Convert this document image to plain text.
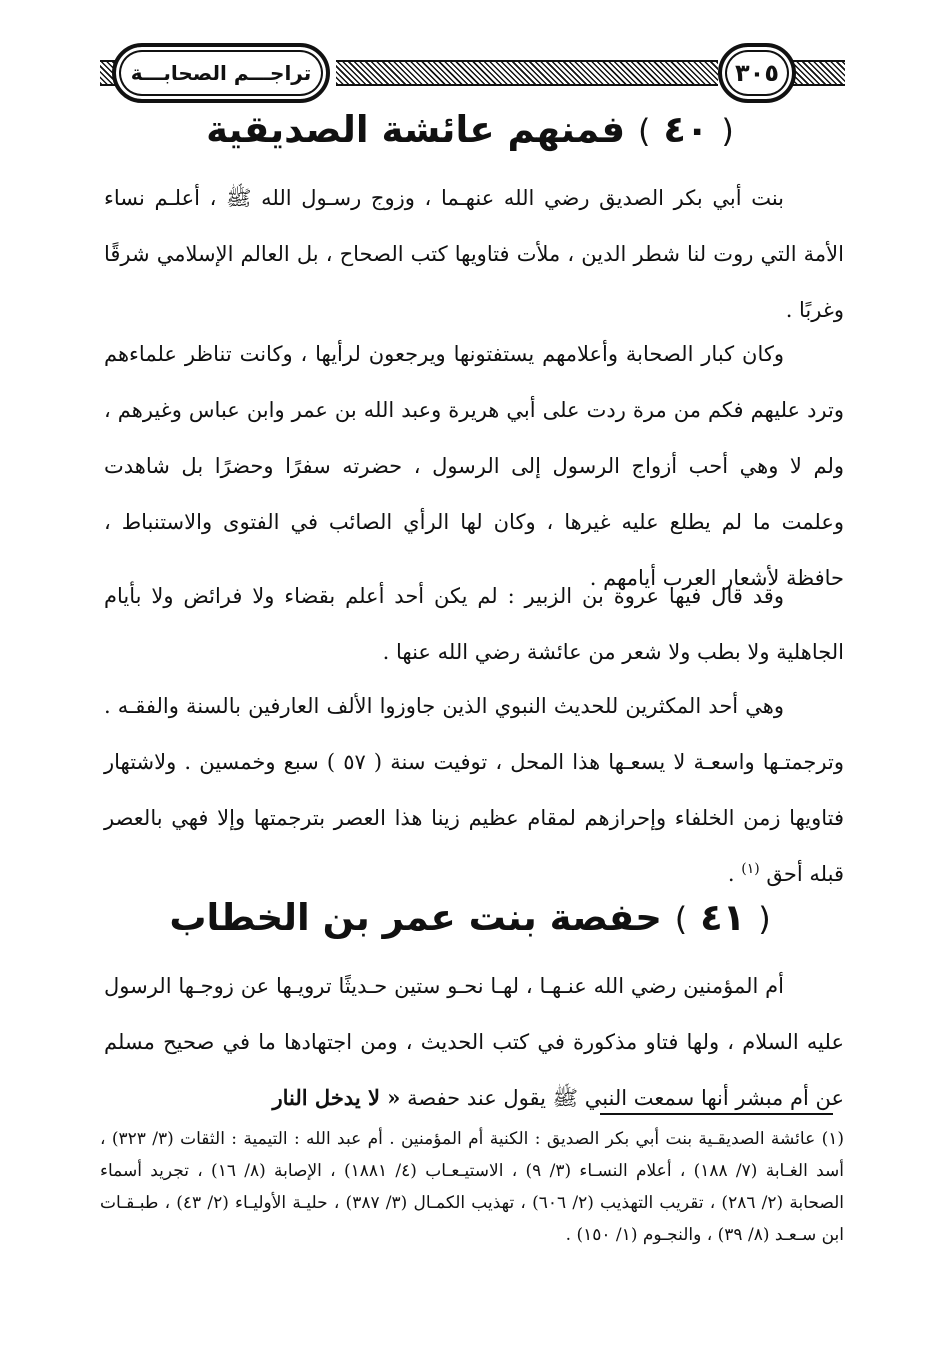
تراجـــم الصحابـــة	٣٠٥
( ٤٠ ) فمنهم عائشة الصديقية
بنت أبي بكر الصديق رضي الله عنهـما ، وزوج رسـول الله ﷺ ، أعلـم نساء الأمة التي روت لنا شطر الدين ، ملأت فتاويها كتب الصحاح ، بل العالم الإسلامي شرقًا وغربًا .
وكان كبار الصحابة وأعلامهم يستفتونها ويرجعون لرأيها ، وكانت تناظر علماءهم وترد عليهم فكم من مرة ردت على أبي هريرة وعبد الله بن عمر وابن عباس وغيرهم ، ولم لا وهي أحب أزواج الرسول إلى الرسول ، حضرته سفرًا وحضرًا بل شاهدت وعلمت ما لم يطلع عليه غيرها ، وكان لها الرأي الصائب في الفتوى والاستنباط ، حافظة لأشعار العرب أيامهم .
وقد قال فيها عروة بن الزبير : لم يكن أحد أعلم بقضاء ولا فرائض ولا بأيام الجاهلية ولا بطب ولا شعر من عائشة رضي الله عنها .
وهي أحد المكثرين للحديث النبوي الذين جاوزوا الألف العارفين بالسنة والفقـه . وترجمتـها واسعـة لا يسعـها هذا المحل ، توفيت سنة ( ٥٧ ) سبع وخمسين . ولاشتهار فتاويها زمن الخلفاء وإحرازهم لمقام عظيم زينا هذا العصر بترجمتها وإلا فهي بالعصر قبله أحق $^{(١)}$ .
( ٤١ ) حفصة بنت عمر بن الخطاب
أم المؤمنين رضي الله عنـهـا ، لهـا نحـو ستين حـديثًا ترويـها عن زوجـها الرسول عليه السلام ، ولها فتاو مذكورة في كتب الحديث ، ومن اجتهادها ما في صحيح مسلم عن أم مبشر أنها سمعت النبي ﷺ يقول عند حفصة « لا يدخل النار
(١) عائشة الصديقـية بنت أبي بكر الصديق : الكنية أم المؤمنين . أم عبد الله : التيمية : الثقات (٣/ ٣٢٣) ، أسد الغـابة (٧/ ١٨٨) ، أعلام النسـاء (٣/ ٩) ، الاستيـعـاب (٤/ ١٨٨١) ، الإصابة (٨/ ١٦) ، تجريد أسماء الصحابة (٢/ ٢٨٦) ، تقريب التهذيب (٢/ ٦٠٦) ، تهذيب الكمـال (٣/ ٣٨٧) ، حليـة الأوليـاء (٢/ ٤٣) ، طبـقـات ابن سـعـد (٨/ ٣٩) ، والنجـوم (١/ ١٥٠) .
